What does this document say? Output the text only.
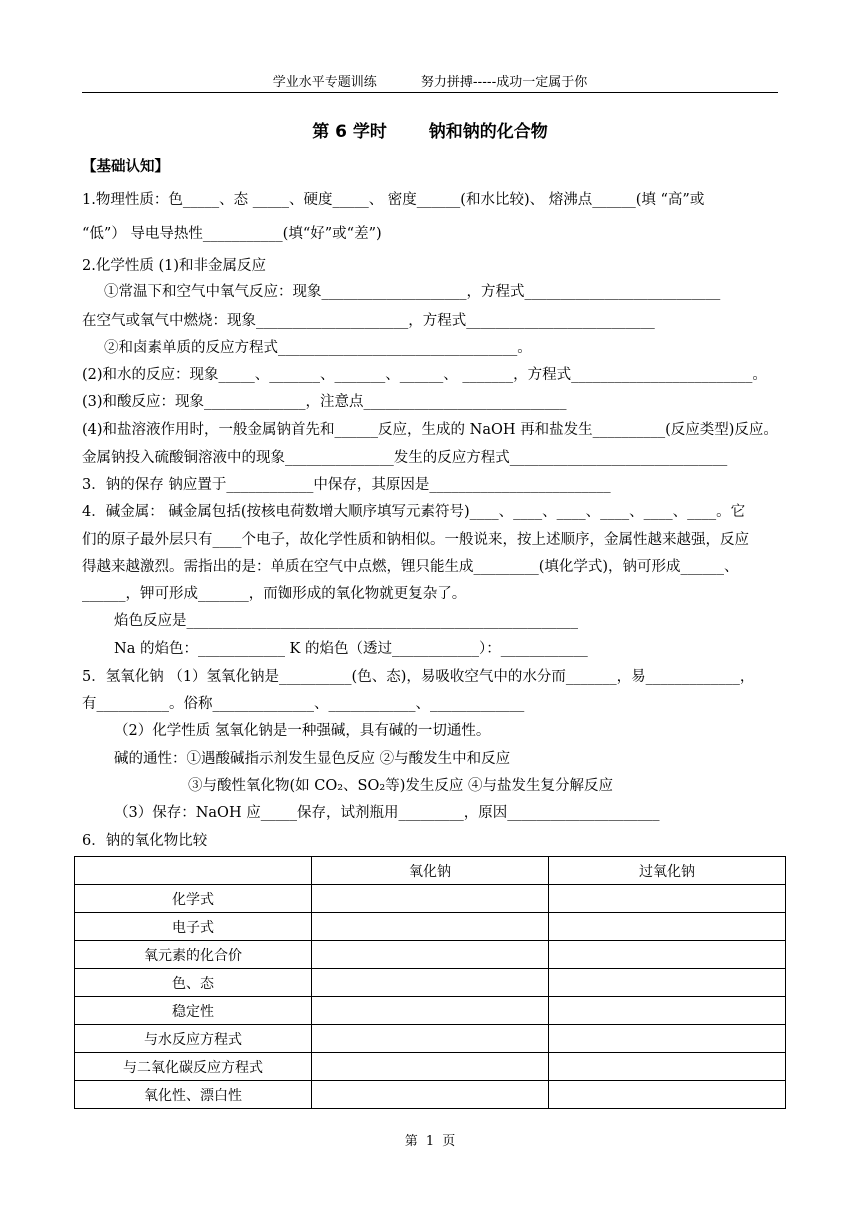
学业水平专题训练	努力拼搏-----成功一定属于你
第 6 学时 钠和钠的化合物
【基础认知】
1.物理性质：色_____、态 _____、硬度_____、 密度______(和水比较)、 熔沸点______(填 “高”或
“低”） 导电导热性___________(填“好”或“差”)
2.化学性质 (1)和非金属反应
①常温下和空气中氧气反应：现象____________________，方程式___________________________
在空气或氧气中燃烧：现象_____________________，方程式__________________________
②和卤素单质的反应方程式_________________________________。
(2)和水的反应：现象_____、_______、_______、______、 _______，方程式_________________________。
(3)和酸反应：现象______________，注意点____________________________
(4)和盐溶液作用时，一般金属钠首先和______反应，生成的 NaOH 再和盐发生__________(反应类型)反应。
金属钠投入硫酸铜溶液中的现象_______________发生的反应方程式______________________________
3．钠的保存 钠应置于____________中保存，其原因是_________________________
4．碱金属： 碱金属包括(按核电荷数增大顺序填写元素符号)____、____、____、____、____、____。它
们的原子最外层只有____个电子，故化学性质和钠相似。一般说来，按上述顺序，金属性越来越强，反应
得越来越激烈。需指出的是：单质在空气中点燃，锂只能生成_________(填化学式)，钠可形成______、
______，钾可形成_______，而铷形成的氧化物就更复杂了。
焰色反应是______________________________________________________
Na 的焰色：____________ K 的焰色（透过____________）：____________
5．氢氧化钠 （1）氢氧化钠是__________(色、态)，易吸收空气中的水分而_______，易_____________，
有__________。俗称______________、____________、_____________
（2）化学性质 氢氧化钠是一种强碱，具有碱的一切通性。
碱的通性：①遇酸碱指示剂发生显色反应 ②与酸发生中和反应
③与酸性氧化物(如 CO₂、SO₂等)发生反应 ④与盐发生复分解反应
（3）保存：NaOH 应_____保存，试剂瓶用_________，原因_____________________
6．钠的氧化物比较
	氧化钠	过氧化钠
化学式		
电子式		
氧元素的化合价		
色、态		
稳定性		
与水反应方程式		
与二氧化碳反应方程式		
氧化性、漂白性		
第 1 页
